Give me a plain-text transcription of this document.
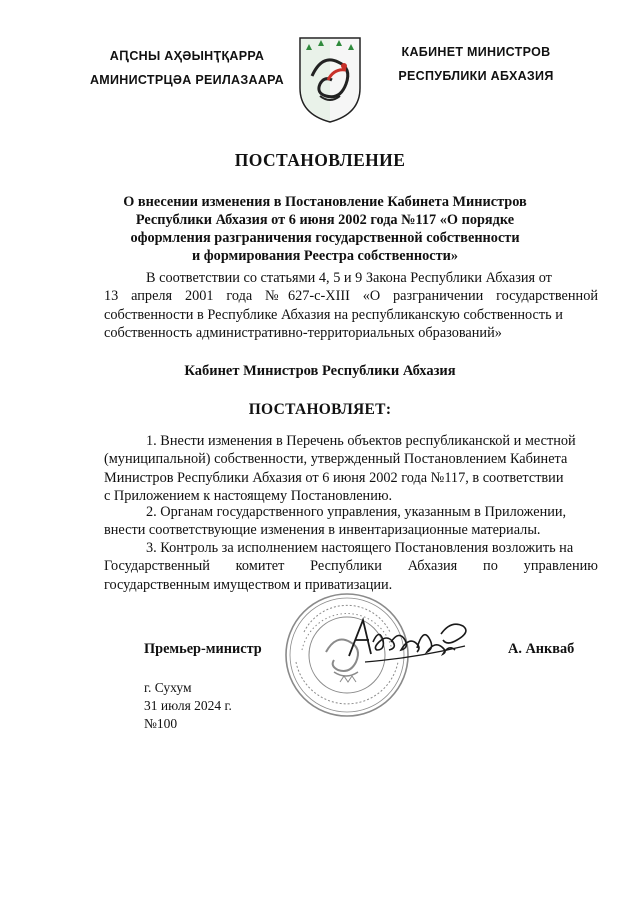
АԤСНЫ АҲӘЫНҬҚАРРА
АМИНИСТРЦӘА РЕИЛАЗААРА
КАБИНЕТ МИНИСТРОВ
РЕСПУБЛИКИ АБХАЗИЯ
ПОСТАНОВЛЕНИЕ
О внесении изменения в Постановление Кабинета Министров
Республики Абхазия от 6 июня 2002 года №117 «О порядке
оформления разграничения государственной собственности
и формирования Реестра собственности»
В соответствии со статьями 4, 5 и 9 Закона Республики Абхазия от
13 апреля 2001 года №627-с-XIII «О разграничении государственной
собственности в Республике Абхазия на республиканскую собственность и
собственность административно-территориальных образований»
Кабинет Министров Республики Абхазия
ПОСТАНОВЛЯЕТ:
1. Внести изменения в Перечень объектов республиканской и местной
(муниципальной) собственности, утвержденный Постановлением Кабинета
Министров Республики Абхазия от 6 июня 2002 года №117, в соответствии
с Приложением к настоящему Постановлению.
2. Органам государственного управления, указанным в Приложении,
внести соответствующие изменения в инвентаризационные материалы.
3. Контроль за исполнением настоящего Постановления возложить на
Государственный комитет Республики Абхазия по управлению
государственным имуществом и приватизации.
Премьер-министр	А. Анкваб
г. Сухум
31 июля 2024 г.
№100
